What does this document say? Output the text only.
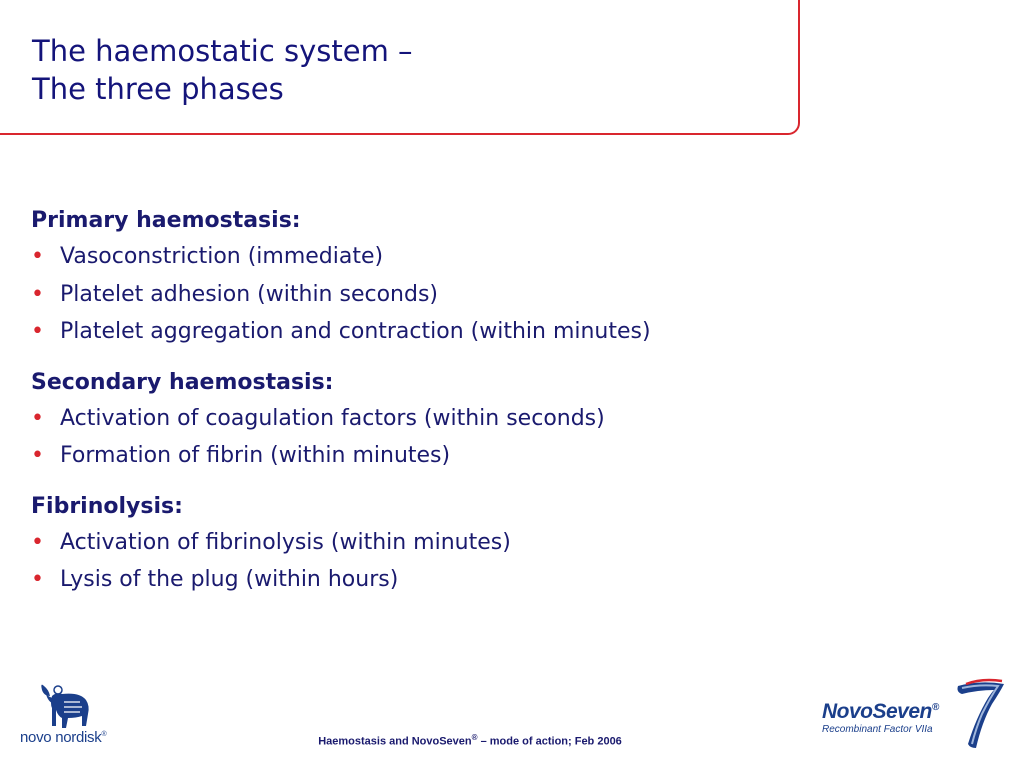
The haemostatic system –
The three phases
Primary haemostasis:
• Vasoconstriction (immediate)
• Platelet adhesion (within seconds)
• Platelet aggregation and contraction (within minutes)
Secondary haemostasis:
• Activation of coagulation factors (within seconds)
• Formation of fibrin (within minutes)
Fibrinolysis:
• Activation of fibrinolysis (within minutes)
• Lysis of the plug (within hours)
novo nordisk®
Haemostasis and NovoSeven® – mode of action; Feb 2006
NovoSeven®
Recombinant Factor VIIa
